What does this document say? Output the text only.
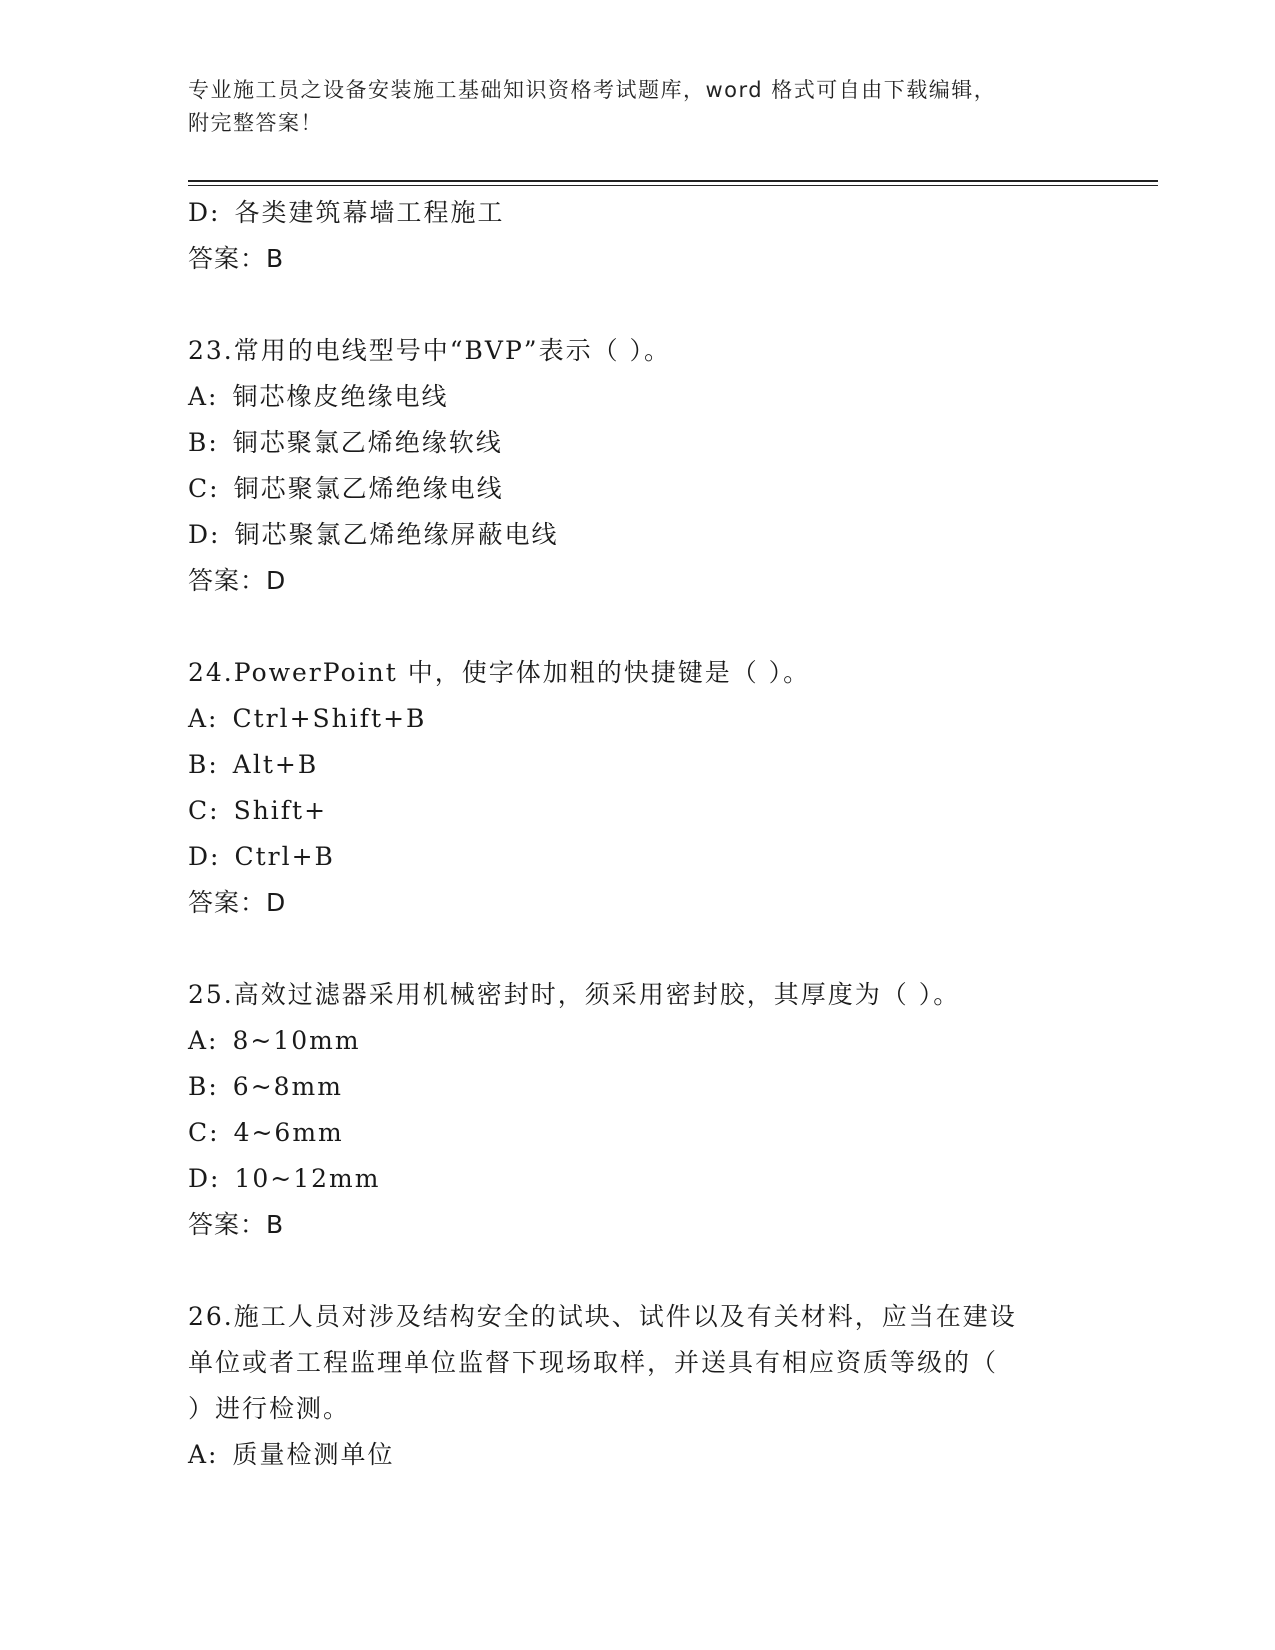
专业施工员之设备安装施工基础知识资格考试题库，word 格式可自由下载编辑，
附完整答案！
D: 各类建筑幕墙工程施工
答案：B
23.常用的电线型号中“BVP”表示（ ）。
A: 铜芯橡皮绝缘电线
B: 铜芯聚氯乙烯绝缘软线
C: 铜芯聚氯乙烯绝缘电线
D: 铜芯聚氯乙烯绝缘屏蔽电线
答案：D
24.PowerPoint 中，使字体加粗的快捷键是（ ）。
A: Ctrl+Shift+B
B: Alt+B
C: Shift+
D: Ctrl+B
答案：D
25.高效过滤器采用机械密封时，须采用密封胶，其厚度为（ ）。
A: 8~10mm
B: 6~8mm
C: 4~6mm
D: 10~12mm
答案：B
26.施工人员对涉及结构安全的试块、试件以及有关材料，应当在建设
单位或者工程监理单位监督下现场取样，并送具有相应资质等级的（
）进行检测。
A: 质量检测单位
